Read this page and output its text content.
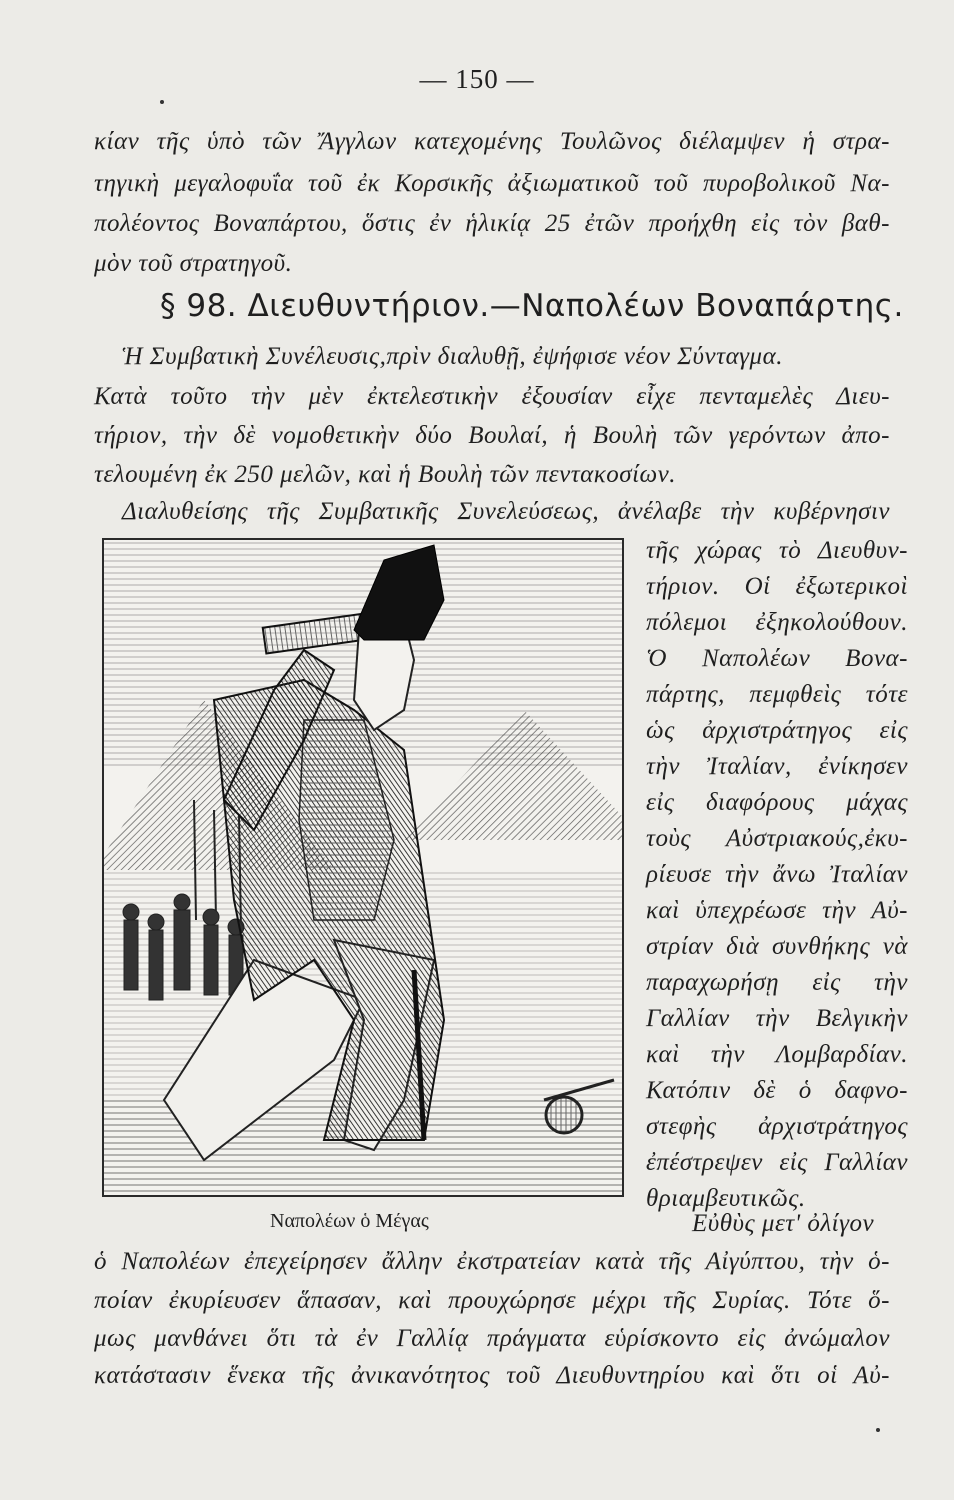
— 150 —
κίαν τῆς ὑπὸ τῶν Ἄγγλων κατεχομένης Τουλῶνος διέλαμψεν ἡ στρα-
τηγικὴ μεγαλοφυΐα τοῦ ἐκ Κορσικῆς ἀξιωματικοῦ τοῦ πυροβολικοῦ Να-
πολέοντος Βοναπάρτου, ὅστις ἐν ἡλικίᾳ 25 ἐτῶν προήχθη εἰς τὸν βαθ-
μὸν τοῦ στρατηγοῦ.
§ 98. Διευθυντήριον.—Ναπολέων Βοναπάρτης.
Ἡ Συμβατικὴ Συνέλευσις,πρὶν διαλυθῇ, ἐψήφισε νέον Σύνταγμα.
Κατὰ τοῦτο τὴν μὲν ἐκτελεστικὴν ἐξουσίαν εἶχε πενταμελὲς Διευ-
τήριον, τὴν δὲ νομοθετικὴν δύο Βουλαί, ἡ Βουλὴ τῶν γερόντων ἀπο-
τελουμένη ἐκ 250 μελῶν, καὶ ἡ Βουλὴ τῶν πεντακοσίων.
Διαλυθείσης τῆς Συμβατικῆς Συνελεύσεως, ἀνέλαβε τὴν κυβέρνησιν
τῆς χώρας τὸ Διευθυν-
τήριον. Οἱ ἐξωτερικοὶ
πόλεμοι ἐξηκολούθουν.
Ὁ Ναπολέων Βονα-
πάρτης, πεμφθεὶς τότε
ὡς ἀρχιστράτηγος εἰς
τὴν Ἰταλίαν, ἐνίκησεν
εἰς διαφόρους μάχας
τοὺς Αὐστριακούς,ἐκυ-
ρίευσε τὴν ἄνω Ἰταλίαν
καὶ ὑπεχρέωσε τὴν Αὐ-
στρίαν διὰ συνθήκης νὰ
παραχωρήσῃ εἰς τὴν
Γαλλίαν τὴν Βελγικὴν
καὶ τὴν Λομβαρδίαν.
Κατόπιν δὲ ὁ δαφνο-
στεφὴς ἀρχιστράτηγος
ἐπέστρεψεν εἰς Γαλλίαν
θριαμβευτικῶς.
Ναπολέων ὁ Μέγας	Εὐθὺς μετ' ὀλίγον
ὁ Ναπολέων ἐπεχείρησεν ἄλλην ἐκστρατείαν κατὰ τῆς Αἰγύπτου, τὴν ὁ-
ποίαν ἐκυρίευσεν ἅπασαν, καὶ προυχώρησε μέχρι τῆς Συρίας. Τότε ὅ-
μως μανθάνει ὅτι τὰ ἐν Γαλλίᾳ πράγματα εὑρίσκοντο εἰς ἀνώμαλον
κατάστασιν ἕνεκα τῆς ἀνικανότητος τοῦ Διευθυντηρίου καὶ ὅτι οἱ Αὐ-
